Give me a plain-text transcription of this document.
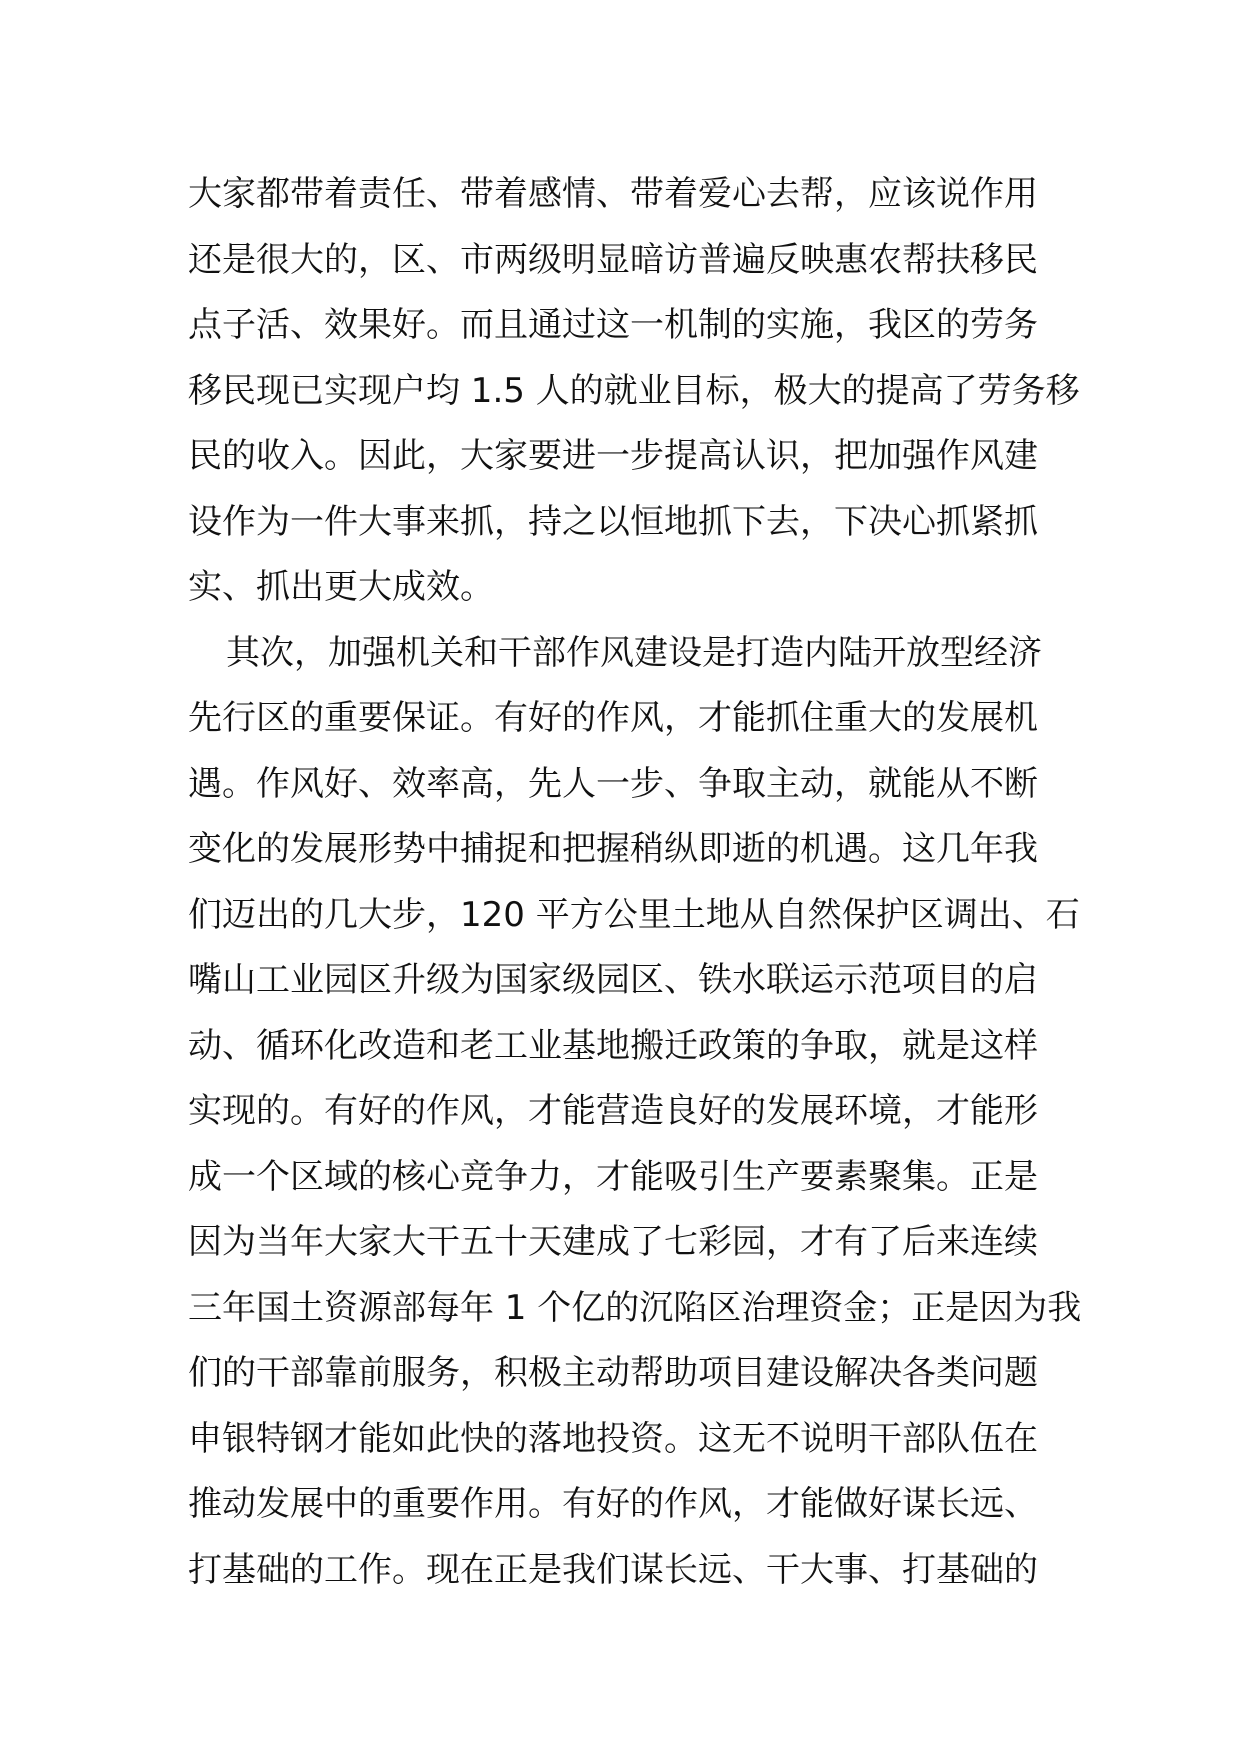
大家都带着责任、带着感情、带着爱心去帮，应该说作用
还是很大的，区、市两级明显暗访普遍反映惠农帮扶移民
点子活、效果好。而且通过这一机制的实施，我区的劳务
移民现已实现户均 1.5 人的就业目标，极大的提高了劳务移
民的收入。因此，大家要进一步提高认识，把加强作风建
设作为一件大事来抓，持之以恒地抓下去，下决心抓紧抓
实、抓出更大成效。
其次，加强机关和干部作风建设是打造内陆开放型经济
先行区的重要保证。有好的作风，才能抓住重大的发展机
遇。作风好、效率高，先人一步、争取主动，就能从不断
变化的发展形势中捕捉和把握稍纵即逝的机遇。这几年我
们迈出的几大步，120 平方公里土地从自然保护区调出、石
嘴山工业园区升级为国家级园区、铁水联运示范项目的启
动、循环化改造和老工业基地搬迁政策的争取，就是这样
实现的。有好的作风，才能营造良好的发展环境，才能形
成一个区域的核心竞争力，才能吸引生产要素聚集。正是
因为当年大家大干五十天建成了七彩园，才有了后来连续
三年国土资源部每年 1 个亿的沉陷区治理资金；正是因为我
们的干部靠前服务，积极主动帮助项目建设解决各类问题
申银特钢才能如此快的落地投资。这无不说明干部队伍在
推动发展中的重要作用。有好的作风，才能做好谋长远、
打基础的工作。现在正是我们谋长远、干大事、打基础的
